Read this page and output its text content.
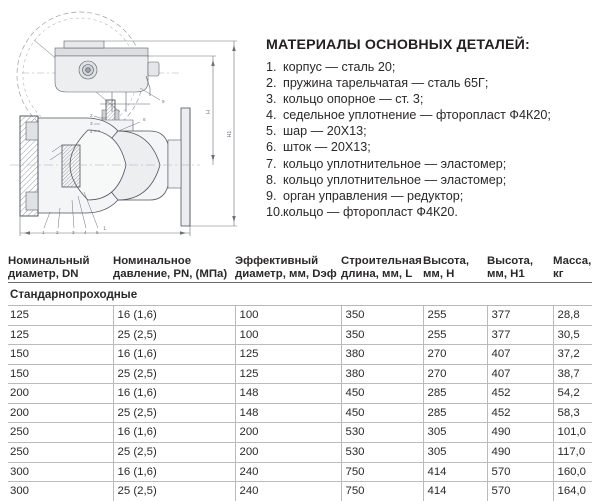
H
H1
L
1 2	3 4 5
2
3
4
6
9
МАТЕРИАЛЫ ОСНОВНЫХ ДЕТАЛЕЙ:
1. корпус — сталь 20;
2. пружина тарельчатая — сталь 65Г;
3. кольцо опорное — ст. 3;
4. седельное уплотнение — фторопласт Ф4К20;
5. шар — 20Х13;
6. шток — 20Х13;
7. кольцо уплотнительное — эластомер;
8. кольцо уплотнительное — эластомер;
9. орган управления — редуктор;
10. кольцо — фторопласт Ф4К20.
Номинальный
диаметр, DN	Номинальное
давление, PN, (МПа)	Эффективный
диаметр, мм, Dэф	Строительная
длина, мм, L	Высота,
мм, H	Высота,
мм, H1	Масса,
кг
Стандарнопроходные						
125	16 (1,6)	100	350	255	377	28,8
125	25 (2,5)	100	350	255	377	30,5
150	16 (1,6)	125	380	270	407	37,2
150	25 (2,5)	125	380	270	407	38,7
200	16 (1,6)	148	450	285	452	54,2
200	25 (2,5)	148	450	285	452	58,3
250	16 (1,6)	200	530	305	490	101,0
250	25 (2,5)	200	530	305	490	117,0
300	16 (1,6)	240	750	414	570	160,0
300	25 (2,5)	240	750	414	570	164,0
